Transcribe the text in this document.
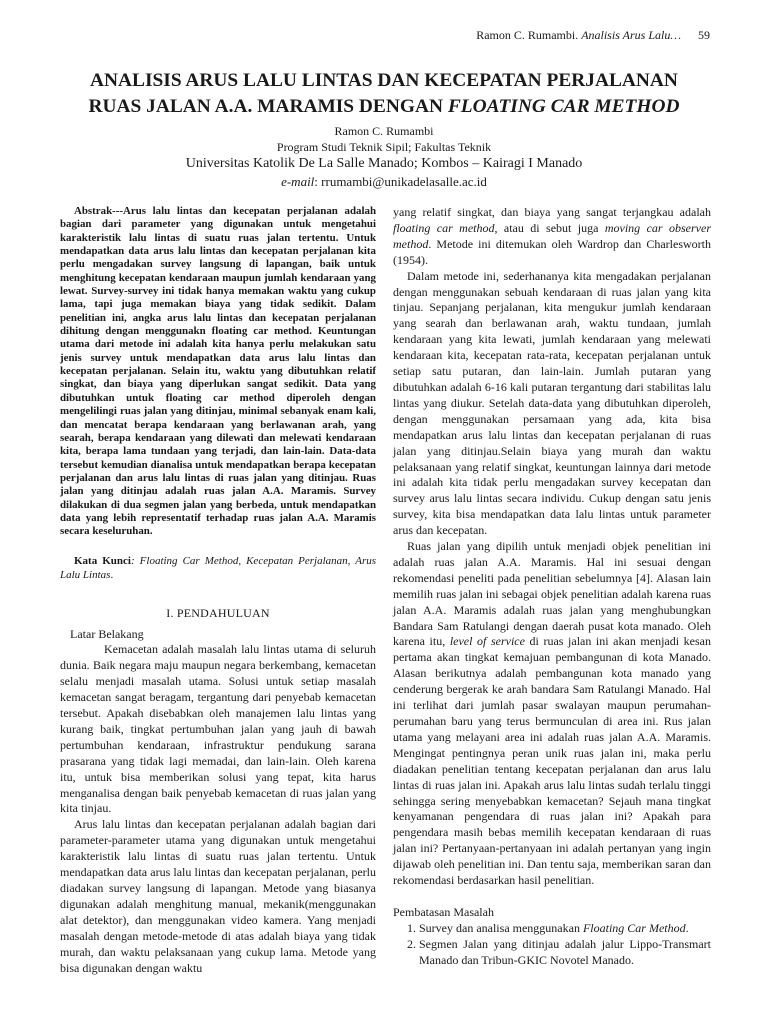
Ramon C. Rumambi. Analisis Arus Lalu… 59
ANALISIS ARUS LALU LINTAS DAN KECEPATAN PERJALANAN
RUAS JALAN A.A. MARAMIS DENGAN FLOATING CAR METHOD
Ramon C. Rumambi
Program Studi Teknik Sipil; Fakultas Teknik
Universitas Katolik De La Salle Manado; Kombos – Kairagi I Manado
e-mail: rrumambi@unikadelasalle.ac.id

Abstrak---Arus lalu lintas dan kecepatan perjalanan adalah bagian dari parameter yang digunakan untuk mengetahui karakteristik lalu lintas di suatu ruas jalan tertentu. Untuk mendapatkan data arus lalu lintas dan kecepatan perjalanan kita perlu mengadakan survey langsung di lapangan, baik untuk menghitung kecepatan kendaraan maupun jumlah kendaraan yang lewat. Survey-survey ini tidak hanya memakan waktu yang cukup lama, tapi juga memakan biaya yang tidak sedikit. Dalam penelitian ini, angka arus lalu lintas dan kecepatan perjalanan dihitung dengan menggunakn floating car method. Keuntungan utama dari metode ini adalah kita hanya perlu melakukan satu jenis survey untuk mendapatkan data arus lalu lintas dan kecepatan perjalanan. Selain itu, waktu yang dibutuhkan relatif singkat, dan biaya yang diperlukan sangat sedikit. Data yang dibutuhkan untuk floating car method diperoleh dengan mengelilingi ruas jalan yang ditinjau, minimal sebanyak enam kali, dan mencatat berapa kendaraan yang berlawanan arah, yang searah, berapa kendaraan yang dilewati dan melewati kendaraan kita, berapa lama tundaan yang terjadi, dan lain-lain. Data-data tersebut kemudian dianalisa untuk mendapatkan berapa kecepatan perjalanan dan arus lalu lintas di ruas jalan yang ditinjau. Ruas jalan yang ditinjau adalah ruas jalan A.A. Maramis. Survey dilakukan di dua segmen jalan yang berbeda, untuk mendapatkan data yang lebih representatif terhadap ruas jalan A.A. Maramis secara keseluruhan.

Kata Kunci: Floating Car Method, Kecepatan Perjalanan, Arus Lalu Lintas.

I. PENDAHULUAN
Latar Belakang

Kemacetan adalah masalah lalu lintas utama di seluruh dunia. Baik negara maju maupun negara berkembang, kemacetan selalu menjadi masalah utama. Solusi untuk setiap masalah kemacetan sangat beragam, tergantung dari penyebab kemacetan tersebut. Apakah disebabkan oleh manajemen lalu lintas yang kurang baik, tingkat pertumbuhan jalan yang jauh di bawah pertumbuhan kendaraan, infrastruktur pendukung sarana prasarana yang tidak lagi memadai, dan lain-lain. Oleh karena itu, untuk bisa memberikan solusi yang tepat, kita harus menganalisa dengan baik penyebab kemacetan di ruas jalan yang kita tinjau.

Arus lalu lintas dan kecepatan perjalanan adalah bagian dari parameter-parameter utama yang digunakan untuk mengetahui karakteristik lalu lintas di suatu ruas jalan tertentu. Untuk mendapatkan data arus lalu lintas dan kecepatan perjalanan, perlu diadakan survey langsung di lapangan. Metode yang biasanya digunakan adalah menghitung manual, mekanik(menggunakan alat detektor), dan menggunakan video kamera. Yang menjadi masalah dengan metode-metode di atas adalah biaya yang tidak murah, dan waktu pelaksanaan yang cukup lama. Metode yang bisa digunakan dengan waktu

yang relatif singkat, dan biaya yang sangat terjangkau adalah floating car method, atau di sebut juga moving car observer method. Metode ini ditemukan oleh Wardrop dan Charlesworth (1954).

Dalam metode ini, sederhananya kita mengadakan perjalanan dengan menggunakan sebuah kendaraan di ruas jalan yang kita tinjau. Sepanjang perjalanan, kita mengukur jumlah kendaraan yang searah dan berlawanan arah, waktu tundaan, jumlah kendaraan yang kita lewati, jumlah kendaraan yang melewati kendaraan kita, kecepatan rata-rata, kecepatan perjalanan untuk setiap satu putaran, dan lain-lain. Jumlah putaran yang dibutuhkan adalah 6-16 kali putaran tergantung dari stabilitas lalu lintas yang diukur. Setelah data-data yang dibutuhkan diperoleh, dengan menggunakan persamaan yang ada, kita bisa mendapatkan arus lalu lintas dan kecepatan perjalanan di ruas jalan yang ditinjau.Selain biaya yang murah dan waktu pelaksanaan yang relatif singkat, keuntungan lainnya dari metode ini adalah kita tidak perlu mengadakan survey kecepatan dan survey arus lalu lintas secara individu. Cukup dengan satu jenis survey, kita bisa mendapatkan data lalu lintas untuk parameter arus dan kecepatan.

Ruas jalan yang dipilih untuk menjadi objek penelitian ini adalah ruas jalan A.A. Maramis. Hal ini sesuai dengan rekomendasi peneliti pada penelitian sebelumnya [4]. Alasan lain memilih ruas jalan ini sebagai objek penelitian adalah karena ruas jalan A.A. Maramis adalah ruas jalan yang menghubungkan Bandara Sam Ratulangi dengan daerah pusat kota manado. Oleh karena itu, level of service di ruas jalan ini akan menjadi kesan pertama akan tingkat kemajuan pembangunan di kota Manado. Alasan berikutnya adalah pembangunan kota manado yang cenderung bergerak ke arah bandara Sam Ratulangi Manado. Hal ini terlihat dari jumlah pasar swalayan maupun perumahan-perumahan baru yang terus bermunculan di area ini. Rus jalan utama yang melayani area ini adalah ruas jalan A.A. Maramis. Mengingat pentingnya peran unik ruas jalan ini, maka perlu diadakan penelitian tentang kecepatan perjalanan dan arus lalu lintas di ruas jalan ini. Apakah arus lalu lintas sudah terlalu tinggi sehingga sering menyebabkan kemacetan? Sejauh mana tingkat kenyamanan pengendara di ruas jalan ini? Apakah para pengendara masih bebas memilih kecepatan kendaraan di ruas jalan ini? Pertanyaan-pertanyaan ini adalah pertanyan yang ingin dijawab oleh penelitian ini. Dan tentu saja, memberikan saran dan rekomendasi berdasarkan hasil penelitian.

Pembatasan Masalah
1. Survey dan analisa menggunakan Floating Car Method.
2. Segmen Jalan yang ditinjau adalah jalur Lippo-Transmart Manado dan Tribun-GKIC Novotel Manado.
